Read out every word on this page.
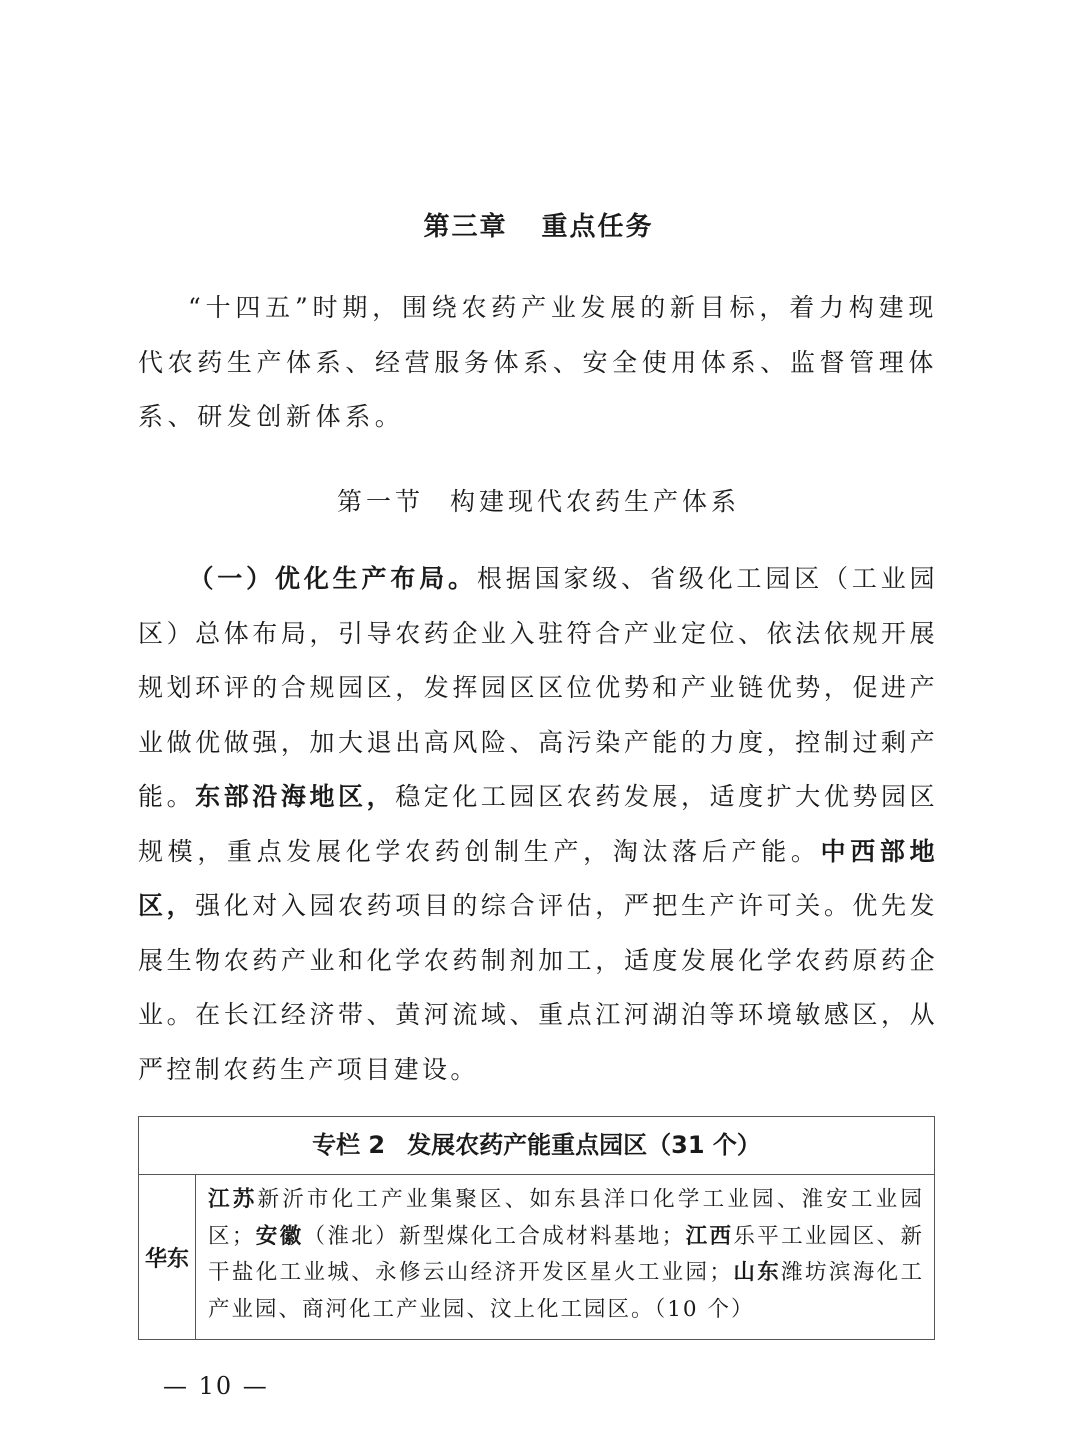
第三章 重点任务

“十四五”时期，围绕农药产业发展的新目标，着力构建现代农药生产体系、经营服务体系、安全使用体系、监督管理体系、研发创新体系。

第一节 构建现代农药生产体系

（一）优化生产布局。根据国家级、省级化工园区（工业园区）总体布局，引导农药企业入驻符合产业定位、依法依规开展规划环评的合规园区，发挥园区区位优势和产业链优势，促进产业做优做强，加大退出高风险、高污染产能的力度，控制过剩产能。东部沿海地区，稳定化工园区农药发展，适度扩大优势园区规模，重点发展化学农药创制生产，淘汰落后产能。中西部地区，强化对入园农药项目的综合评估，严把生产许可关。优先发展生物农药产业和化学农药制剂加工，适度发展化学农药原药企业。在长江经济带、黄河流域、重点江河湖泊等环境敏感区，从严控制农药生产项目建设。

专栏 2 发展农药产能重点园区（31 个）
华东
江苏新沂市化工产业集聚区、如东县洋口化学工业园、淮安工业园区；安徽（淮北）新型煤化工合成材料基地；江西乐平工业园区、新干盐化工业城、永修云山经济开发区星火工业园；山东潍坊滨海化工产业园、商河化工产业园、汶上化工园区。（10 个）
— 10 —
